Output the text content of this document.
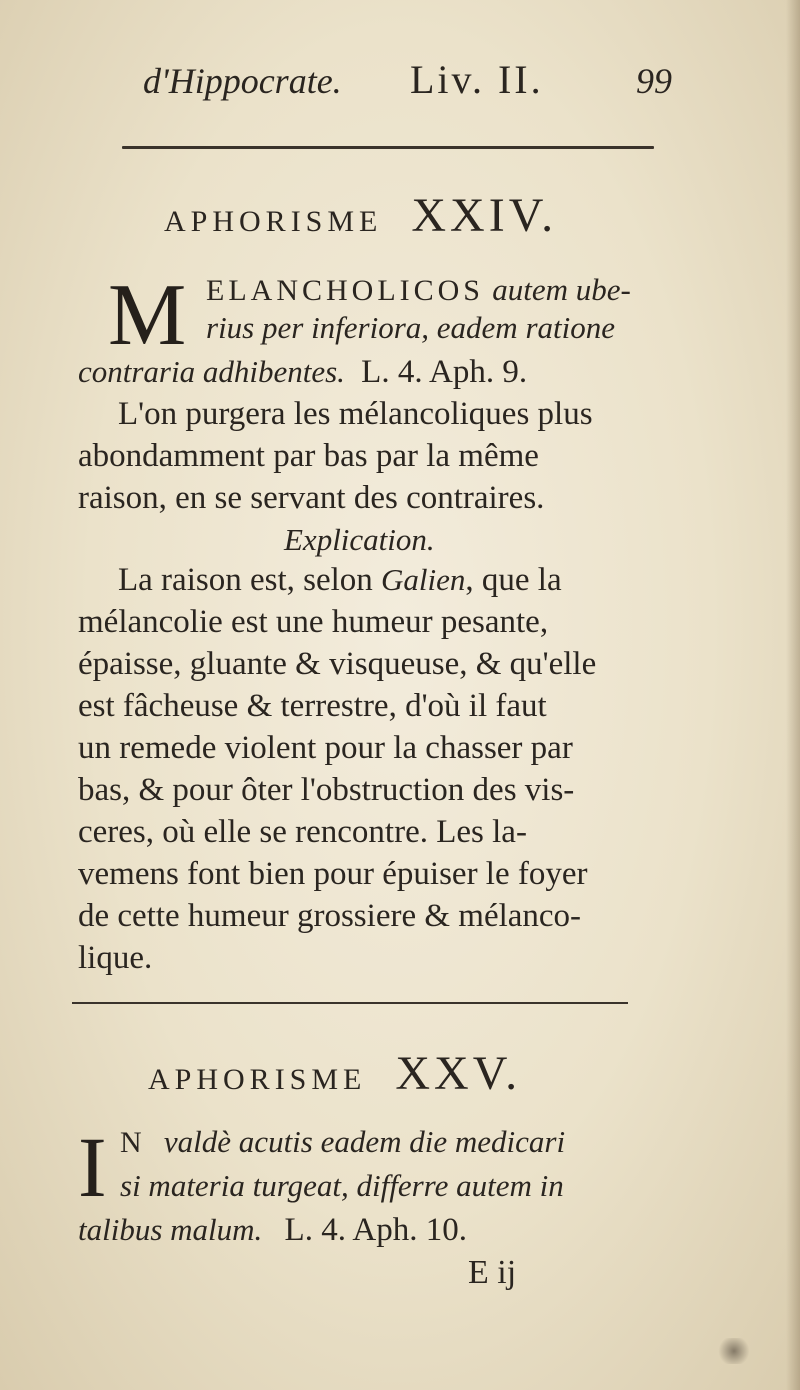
d'Hippocrate. Liv. II.	99
APHORISME XXIV.
M ELANCHOLICOS autem ube-
rius per inferiora, eadem ratione
contraria adhibentes. L. 4. Aph. 9.
L'on purgera les mélancoliques plus
abondamment par bas par la même
raison, en se servant des contraires.
Explication.
La raison est, selon Galien, que la
mélancolie est une humeur pesante,
épaisse, gluante & visqueuse, & qu'elle
est fâcheuse & terrestre, d'où il faut
un remede violent pour la chasser par
bas, & pour ôter l'obstruction des vis-
ceres, où elle se rencontre. Les la-
vemens font bien pour épuiser le foyer
de cette humeur grossiere & mélanco-
lique.
APHORISME XXV.
I N valdè acutis eadem die medicari
si materia turgeat, differre autem in
talibus malum. L. 4. Aph. 10.
E ij
